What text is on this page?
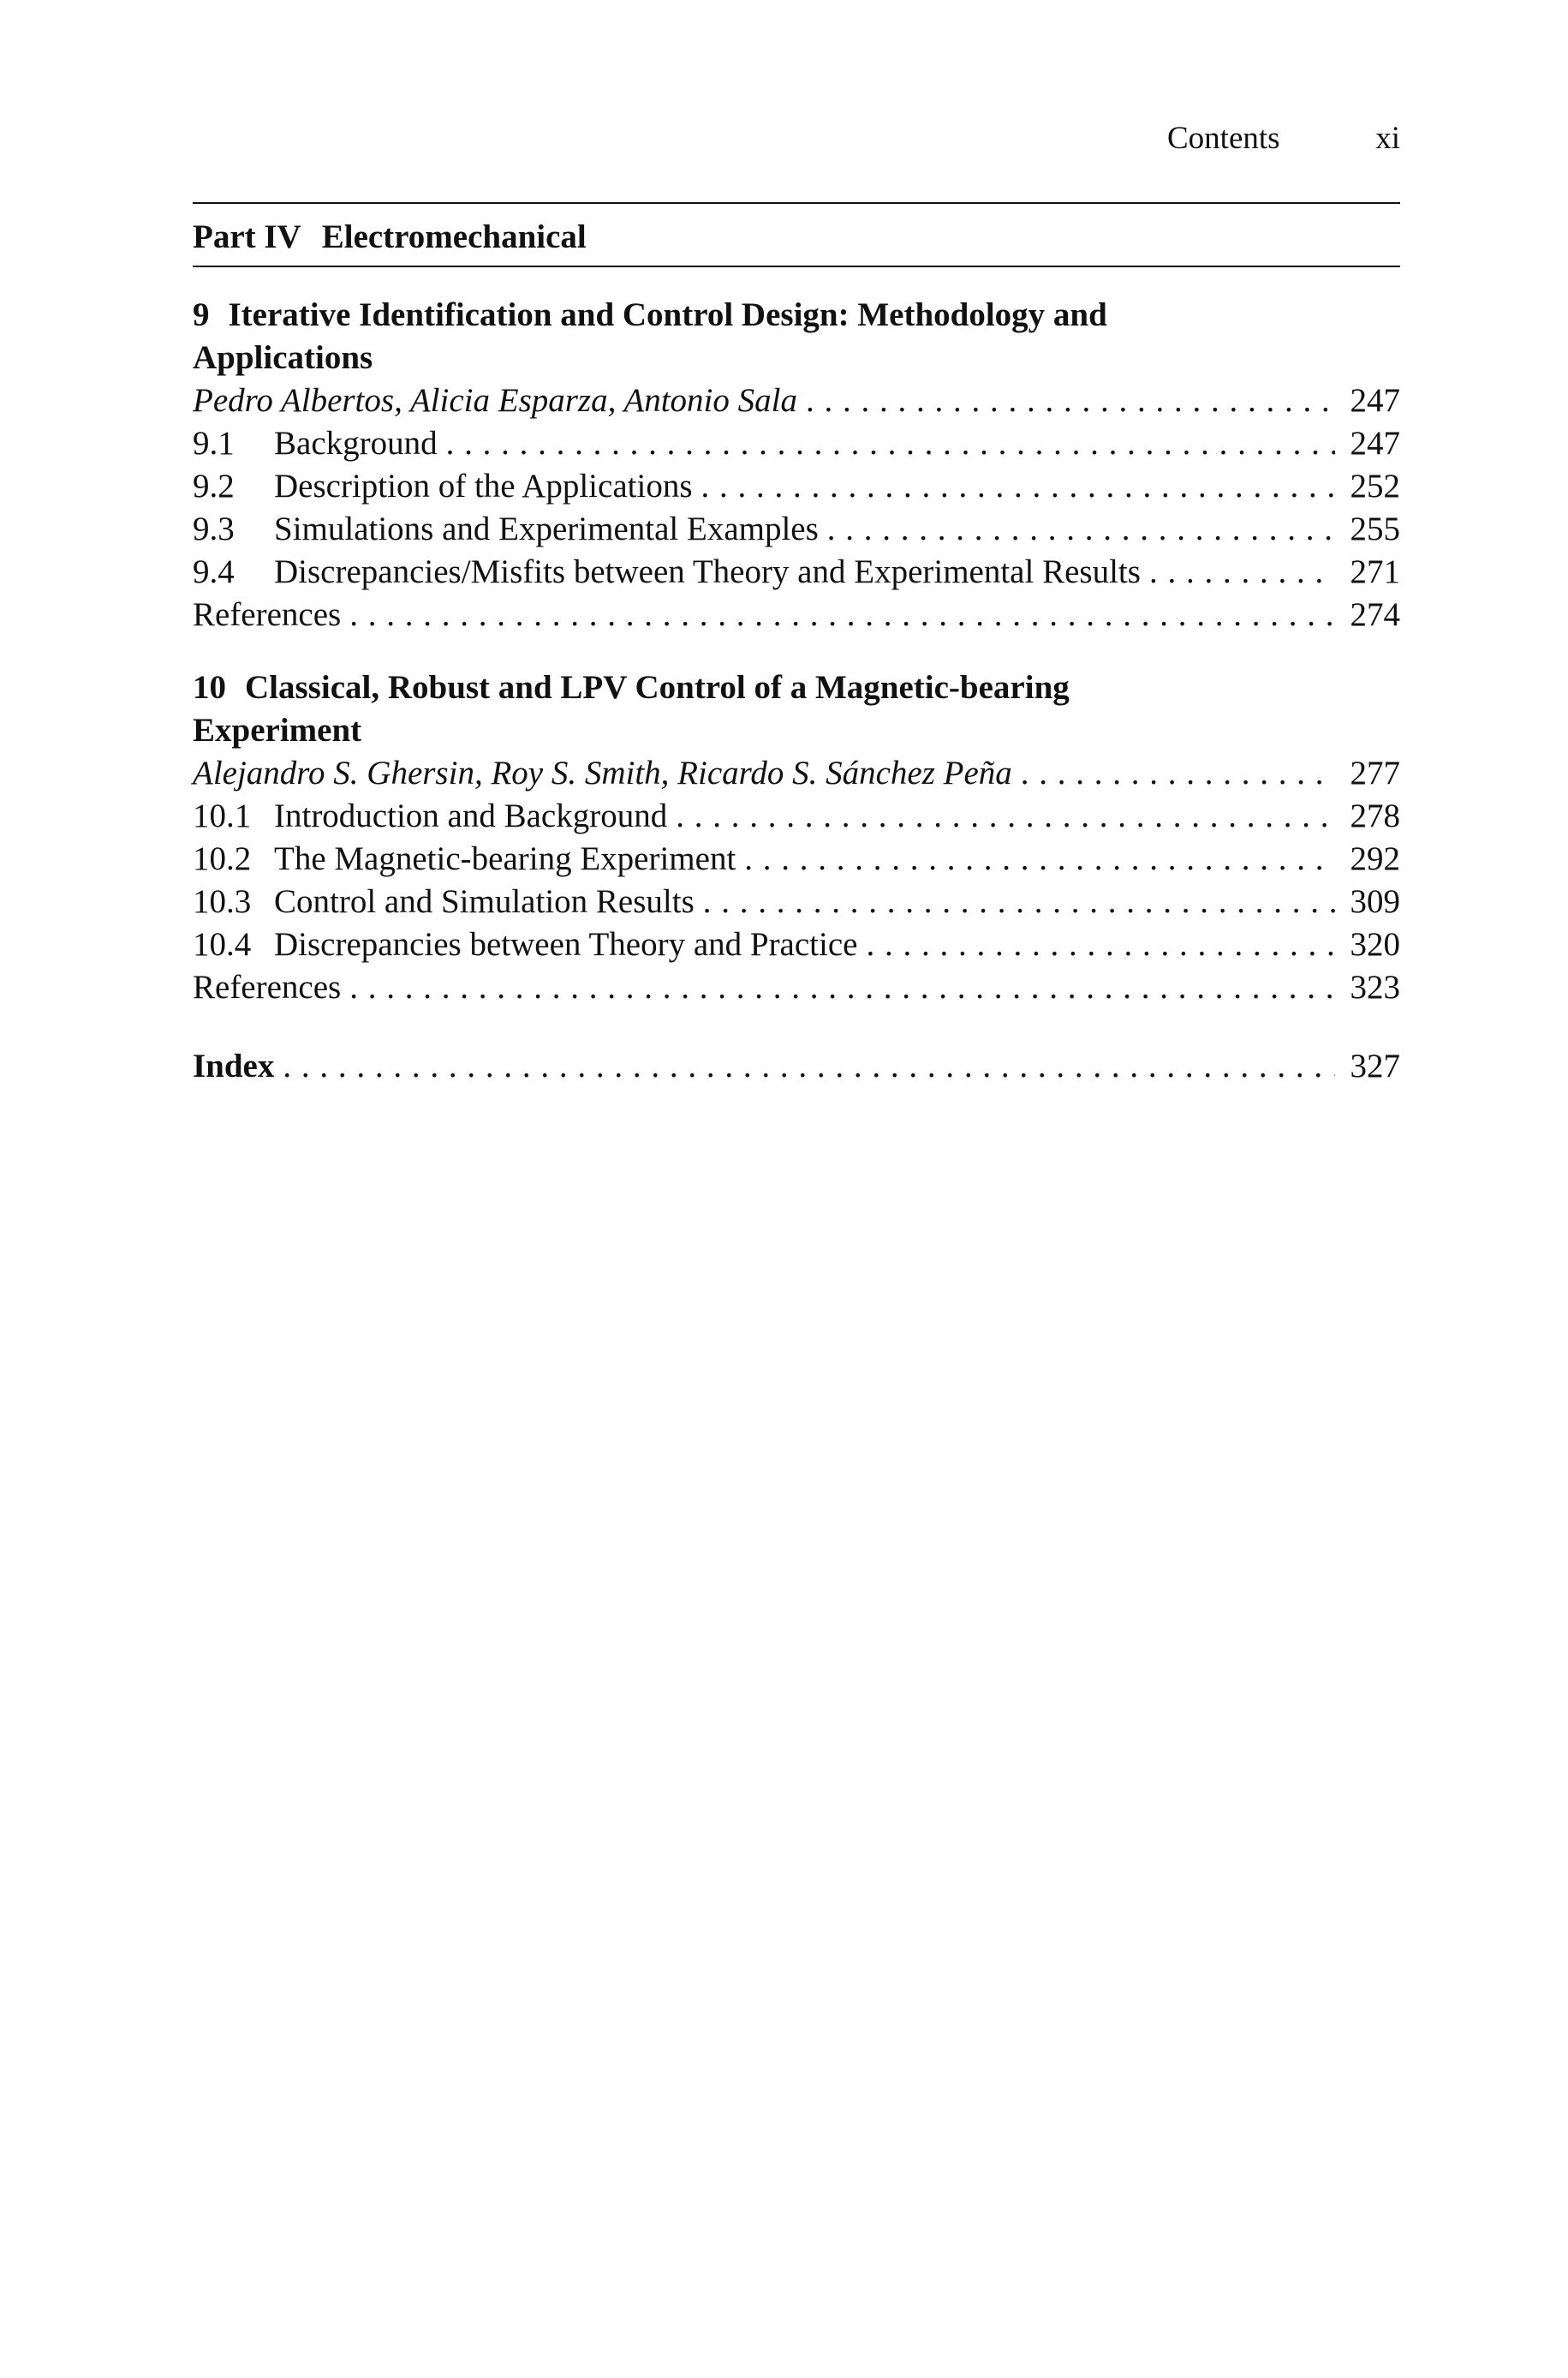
Contents	xi
Part IV Electromechanical
9 Iterative Identification and Control Design: Methodology and
Applications
Pedro Albertos, Alicia Esparza, Antonio Sala . . .	247
9.1	Background . . .	247
9.2	Description of the Applications . . .	252
9.3	Simulations and Experimental Examples . . .	255
9.4	Discrepancies/Misfits between Theory and Experimental Results . . .	271
References . . .	274
10 Classical, Robust and LPV Control of a Magnetic-bearing
Experiment
Alejandro S. Ghersin, Roy S. Smith, Ricardo S. Sánchez Peña . . .	277
10.1 Introduction and Background . . .	278
10.2 The Magnetic-bearing Experiment . . .	292
10.3 Control and Simulation Results . . .	309
10.4 Discrepancies between Theory and Practice . . .	320
References . . .	323
Index . . .	327
